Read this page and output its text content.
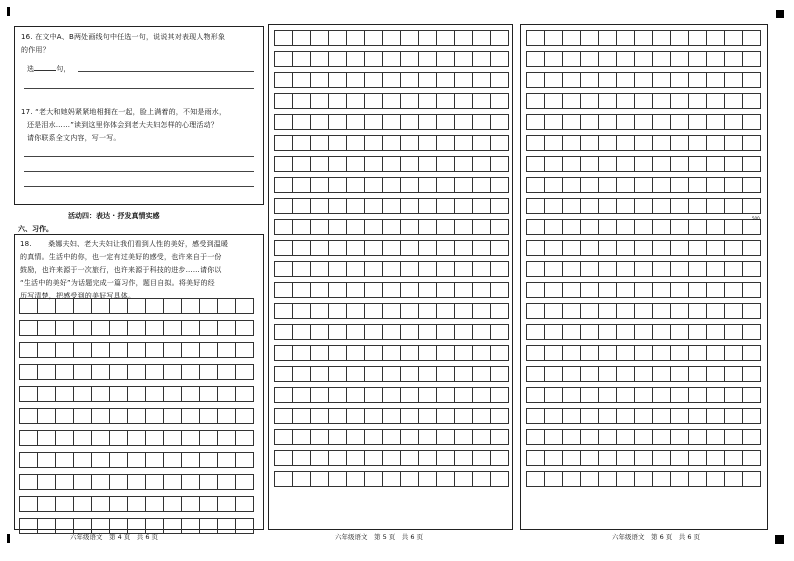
16. 在文中A、B两处画线句中任选一句，说说其对表现人物形象
的作用？
选	句，
17. “老大和她妈紧紧地相拥在一起，脸上满着的，不知是雨水，
还是泪水……”读到这里你体会到老大夫妇怎样的心理活动？
请你联系全文内容，写一写。
活动四：表达 · 抒发真情实感
六、习作。
18. 桑娜夫妇、老大夫妇让我们看到人性的美好，感受到温暖
的真情。生活中的你，也一定有过美好的感受，也许来自于一份
鼓励，也许来源于一次旅行，也许来源于科技的进步……请你以
“生活中的美好”为话题完成一篇习作，题目自拟。将美好的经
历写清楚，把感受到的美好写具体。

六年级语文　第 4 页　共 6 页

													六年级语文　第 5 页　共 6 页

500
六年级语文　第 6 页　共 6 页
